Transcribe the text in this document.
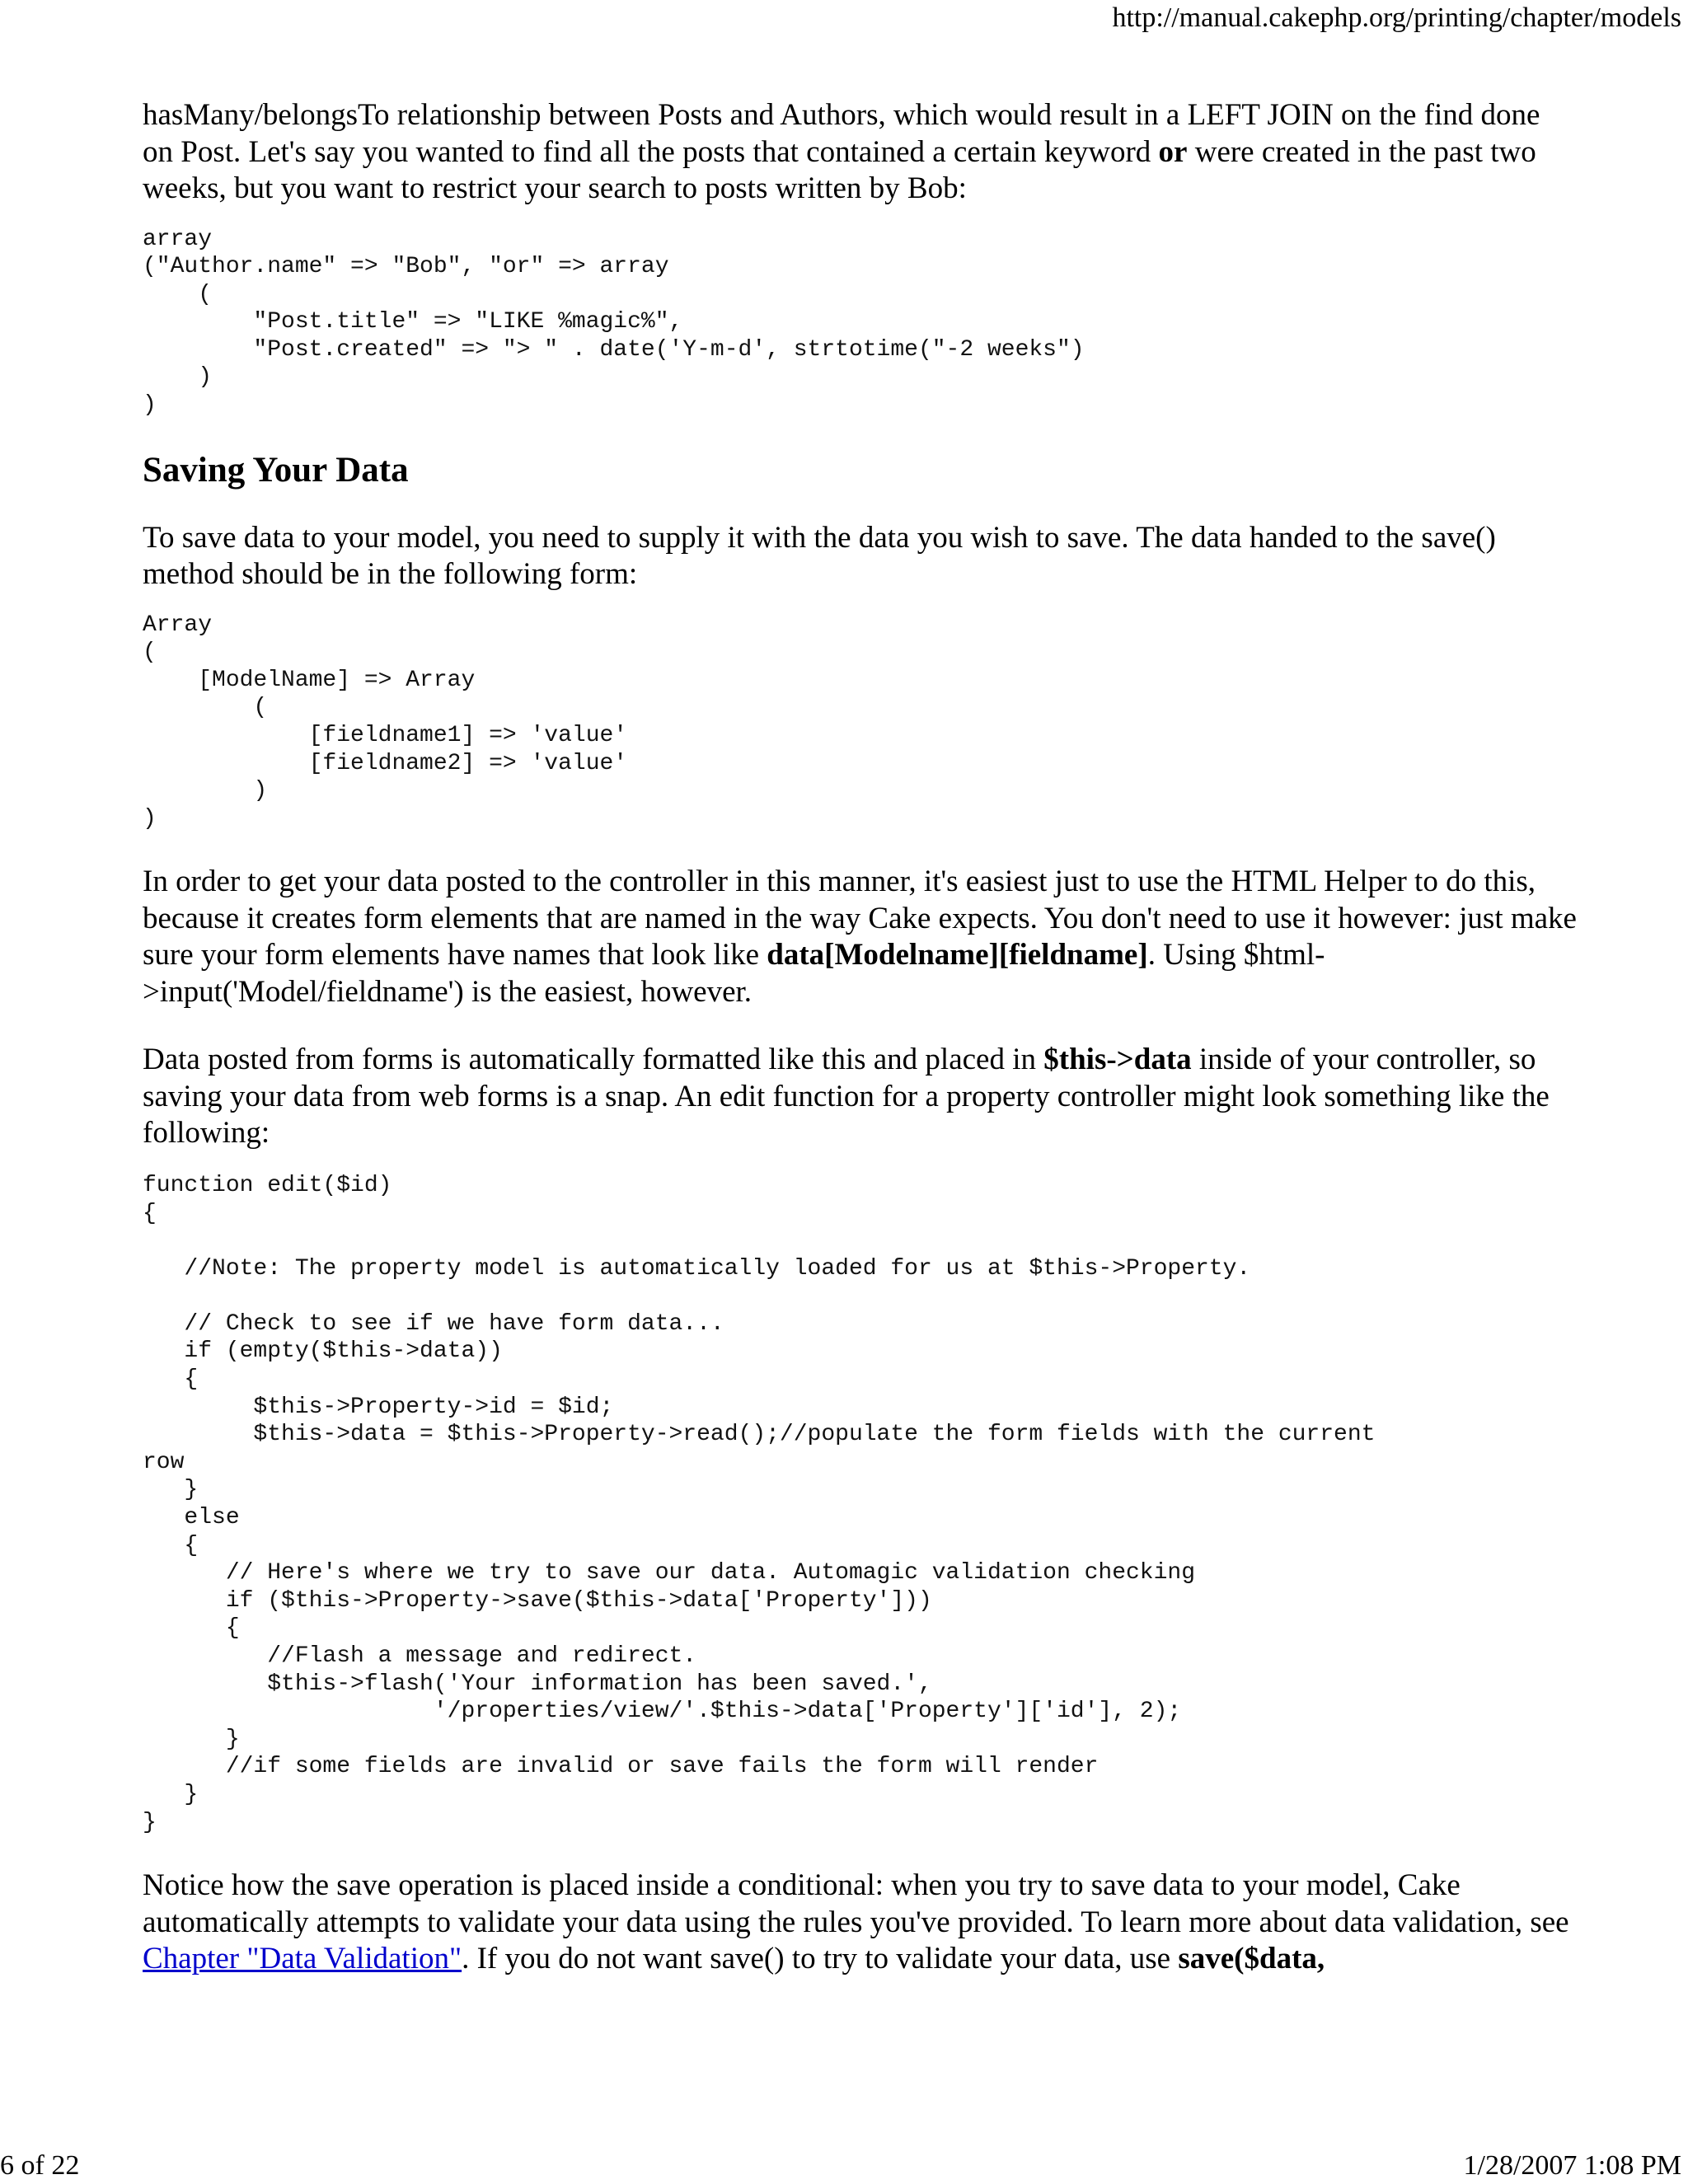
http://manual.cakephp.org/printing/chapter/models

hasMany/belongsTo relationship between Posts and Authors, which would result in a LEFT JOIN on the find done on Post. Let's say you wanted to find all the posts that contained a certain keyword or were created in the past two weeks, but you want to restrict your search to posts written by Bob:

array
("Author.name" => "Bob", "or" => array
(
"Post.title" => "LIKE %magic%",
"Post.created" => "> " . date('Y-m-d', strtotime("-2 weeks")
)
)
Saving Your Data

To save data to your model, you need to supply it with the data you wish to save. The data handed to the save() method should be in the following form:

Array
(
[ModelName] => Array
(
[fieldname1] => 'value'
[fieldname2] => 'value'
)
)

In order to get your data posted to the controller in this manner, it's easiest just to use the HTML Helper to do this, because it creates form elements that are named in the way Cake expects. You don't need to use it however: just make sure your form elements have names that look like data[Modelname][fieldname]. Using $html->input('Model/fieldname') is the easiest, however.

Data posted from forms is automatically formatted like this and placed in $this->data inside of your controller, so saving your data from web forms is a snap. An edit function for a property controller might look something like the following:

function edit($id)
{

//Note: The property model is automatically loaded for us at $this->Property.

// Check to see if we have form data...
if (empty($this->data))
{
$this->Property->id = $id;
$this->data = $this->Property->read();//populate the form fields with the current
row
}
else
{
// Here's where we try to save our data. Automagic validation checking
if ($this->Property->save($this->data['Property']))
{
//Flash a message and redirect.
$this->flash('Your information has been saved.',
'/properties/view/'.$this->data['Property']['id'], 2);
}
//if some fields are invalid or save fails the form will render
}
}

Notice how the save operation is placed inside a conditional: when you try to save data to your model, Cake automatically attempts to validate your data using the rules you've provided. To learn more about data validation, see Chapter "Data Validation". If you do not want save() to try to validate your data, use save($data,

6 of 22	1/28/2007 1:08 PM
